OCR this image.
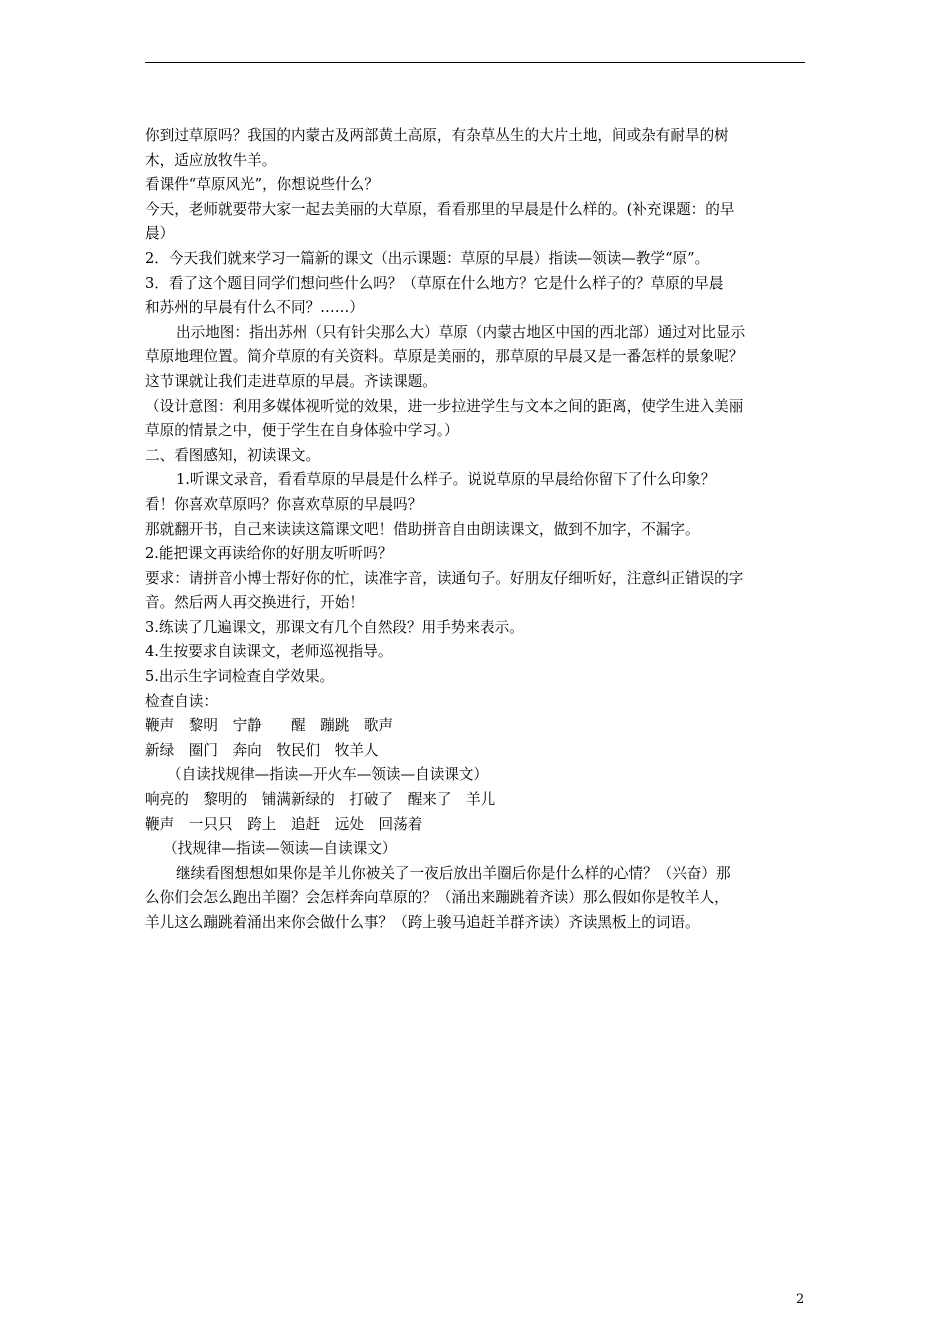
你到过草原吗？我国的内蒙古及两部黄土高原，有杂草丛生的大片土地，间或杂有耐旱的树

木，适应放牧牛羊。

看课件“草原风光”，你想说些什么？

今天，老师就要带大家一起去美丽的大草原，看看那里的早晨是什么样的。(补充课题：的早

晨）

2．今天我们就来学习一篇新的课文（出示课题：草原的早晨）指读—领读—教学“原”。

3．看了这个题目同学们想问些什么吗？（草原在什么地方？它是什么样子的？草原的早晨

和苏州的早晨有什么不同？……）

出示地图：指出苏州（只有针尖那么大）草原（内蒙古地区中国的西北部）通过对比显示

草原地理位置。简介草原的有关资料。草原是美丽的，那草原的早晨又是一番怎样的景象呢？

这节课就让我们走进草原的早晨。齐读课题。

（设计意图：利用多媒体视听觉的效果，进一步拉进学生与文本之间的距离，使学生进入美丽

草原的情景之中，便于学生在自身体验中学习。）

二、看图感知，初读课文。

1.听课文录音，看看草原的早晨是什么样子。说说草原的早晨给你留下了什么印象？

看！你喜欢草原吗？你喜欢草原的早晨吗？

那就翻开书，自己来读读这篇课文吧！借助拼音自由朗读课文，做到不加字，不漏字。

2.能把课文再读给你的好朋友听听吗？

要求：请拼音小博士帮好你的忙，读准字音，读通句子。好朋友仔细听好，注意纠正错误的字

音。然后两人再交换进行，开始！

3.练读了几遍课文，那课文有几个自然段？用手势来表示。

4.生按要求自读课文，老师巡视指导。

5.出示生字词检查自学效果。

检查自读：

鞭声　黎明　宁静　　醒　蹦跳　歌声

新绿　圈门　奔向　牧民们　牧羊人

（自读找规律—指读—开火车—领读—自读课文）

响亮的　黎明的　铺满新绿的　打破了　醒来了　羊儿

鞭声　一只只　跨上　追赶　远处　回荡着

（找规律—指读—领读—自读课文）

继续看图想想如果你是羊儿你被关了一夜后放出羊圈后你是什么样的心情？（兴奋）那

么你们会怎么跑出羊圈？会怎样奔向草原的？（涌出来蹦跳着齐读）那么假如你是牧羊人，

羊儿这么蹦跳着涌出来你会做什么事？（跨上骏马追赶羊群齐读）齐读黑板上的词语。

2
